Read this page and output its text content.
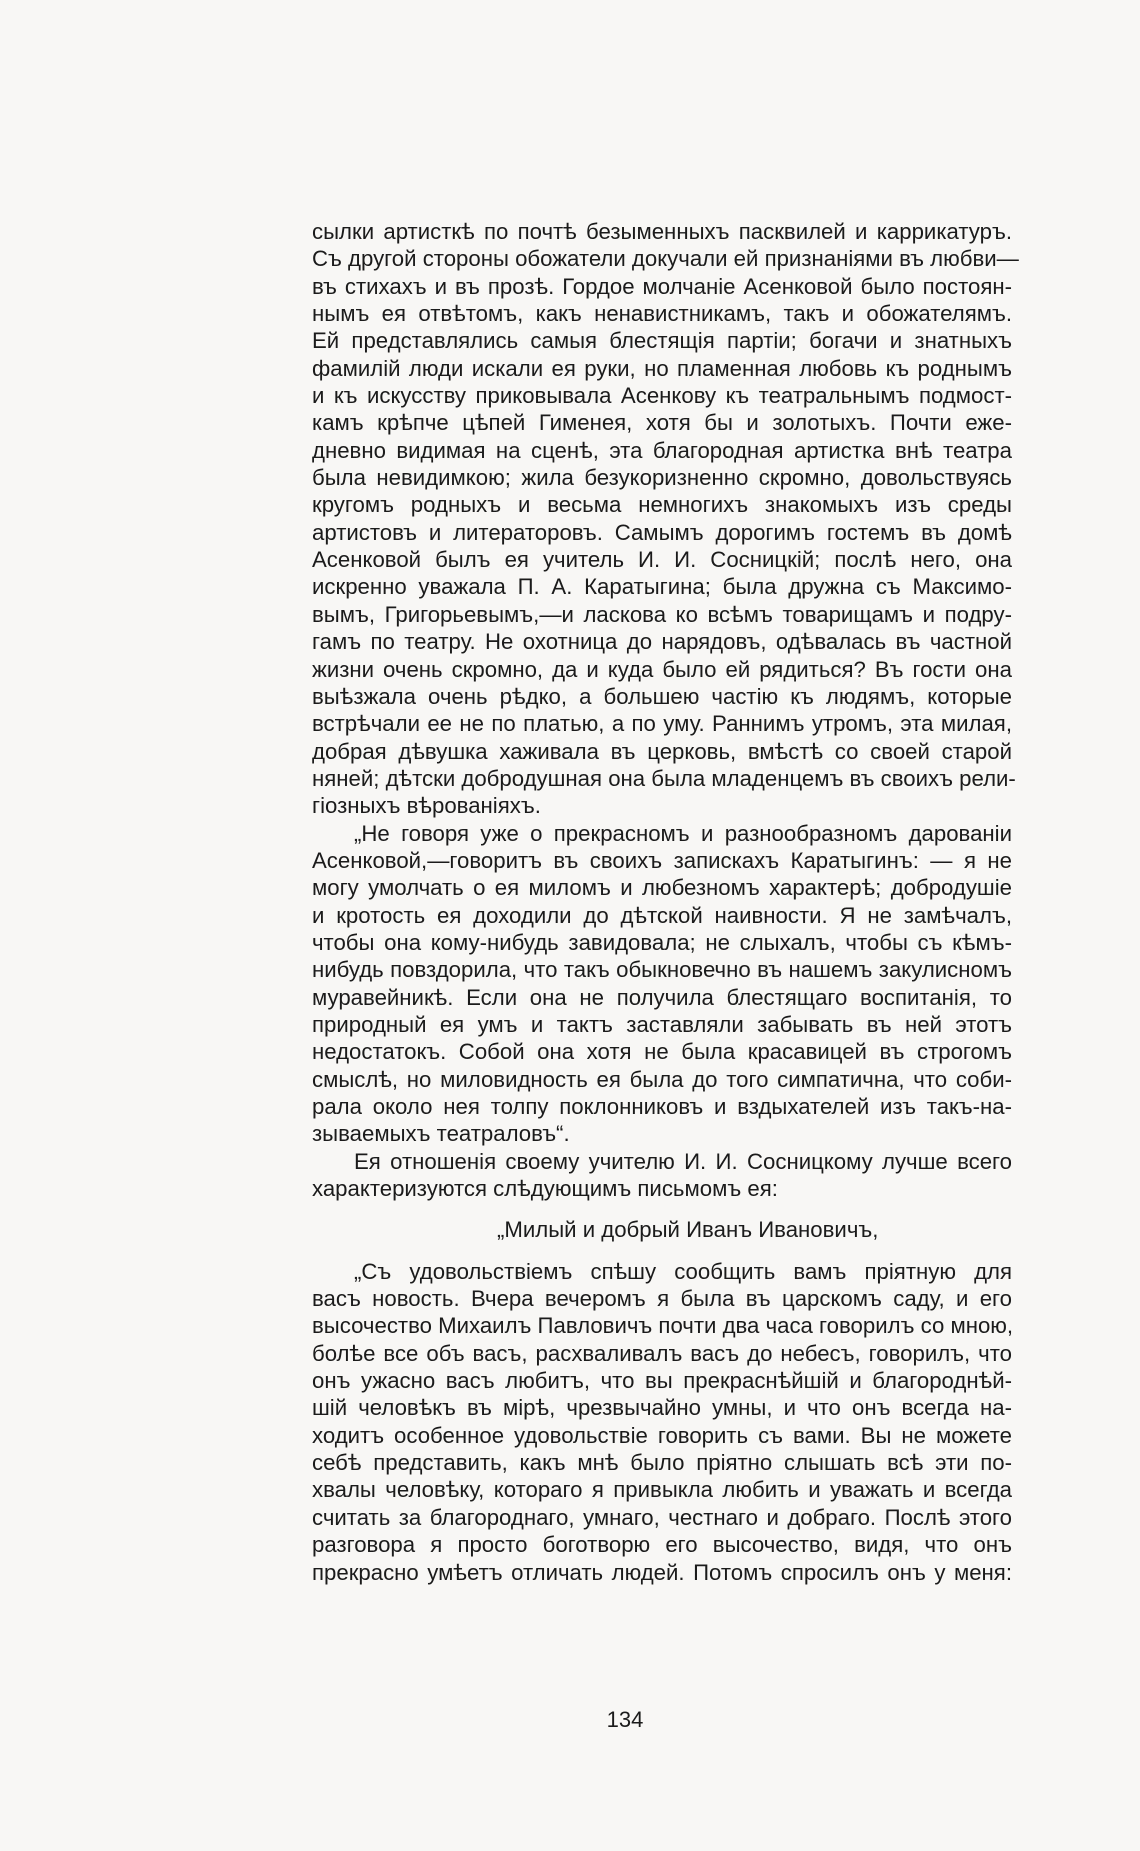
сылки артисткѣ по почтѣ безыменныхъ пасквилей и каррикатуръ.
Съ другой стороны обожатели докучали ей признаніями въ любви—
въ стихахъ и въ прозѣ. Гордое молчаніе Асенковой было постоян-
нымъ ея отвѣтомъ, какъ ненавистникамъ, такъ и обожателямъ.
Ей представлялись самыя блестящія партіи; богачи и знатныхъ
фамилій люди искали ея руки, но пламенная любовь къ роднымъ
и къ искусству приковывала Асенкову къ театральнымъ подмост-
камъ крѣпче цѣпей Гименея, хотя бы и золотыхъ. Почти еже-
дневно видимая на сценѣ, эта благородная артистка внѣ театра
была невидимкою; жила безукоризненно скромно, довольствуясь
кругомъ родныхъ и весьма немногихъ знакомыхъ изъ среды
артистовъ и литераторовъ. Самымъ дорогимъ гостемъ въ домѣ
Асенковой былъ ея учитель И. И. Сосницкій; послѣ него, она
искренно уважала П. А. Каратыгина; была дружна съ Максимо-
вымъ, Григорьевымъ,—и ласкова ко всѣмъ товарищамъ и подру-
гамъ по театру. Не охотница до нарядовъ, одѣвалась въ частной
жизни очень скромно, да и куда было ей рядиться? Въ гости она
выѣзжала очень рѣдко, а большею частію къ людямъ, которые
встрѣчали ее не по платью, а по уму. Раннимъ утромъ, эта милая,
добрая дѣвушка хаживала въ церковь, вмѣстѣ со своей старой
няней; дѣтски добродушная она была младенцемъ въ своихъ рели-
гіозныхъ вѣрованіяхъ.
„Не говоря уже о прекрасномъ и разнообразномъ дарованіи
Асенковой,—говоритъ въ своихъ запискахъ Каратыгинъ: — я не
могу умолчать о ея миломъ и любезномъ характерѣ; добродушіе
и кротость ея доходили до дѣтской наивности. Я не замѣчалъ,
чтобы она кому-нибудь завидовала; не слыхалъ, чтобы съ кѣмъ-
нибудь повздорила, что такъ обыкновечно въ нашемъ закулисномъ
муравейникѣ. Если она не получила блестящаго воспитанія, то
природный ея умъ и тактъ заставляли забывать въ ней этотъ
недостатокъ. Собой она хотя не была красавицей въ строгомъ
смыслѣ, но миловидность ея была до того симпатична, что соби-
рала около нея толпу поклонниковъ и вздыхателей изъ такъ-на-
зываемыхъ театраловъ“.
Ея отношенія своему учителю И. И. Сосницкому лучше всего
характеризуются слѣдующимъ письмомъ ея:
„Милый и добрый Иванъ Ивановичъ,
„Съ удовольствіемъ спѣшу сообщить вамъ пріятную для
васъ новость. Вчера вечеромъ я была въ царскомъ саду, и его
высочество Михаилъ Павловичъ почти два часа говорилъ со мною,
болѣе все объ васъ, расхваливалъ васъ до небесъ, говорилъ, что
онъ ужасно васъ любитъ, что вы прекраснѣйшій и благороднѣй-
шій человѣкъ въ мірѣ, чрезвычайно умны, и что онъ всегда на-
ходитъ особенное удовольствіе говорить съ вами. Вы не можете
себѣ представить, какъ мнѣ было пріятно слышать всѣ эти по-
хвалы человѣку, котораго я привыкла любить и уважать и всегда
считать за благороднаго, умнаго, честнаго и добраго. Послѣ этого
разговора я просто боготворю его высочество, видя, что онъ
прекрасно умѣетъ отличать людей. Потомъ спросилъ онъ у меня:
134
